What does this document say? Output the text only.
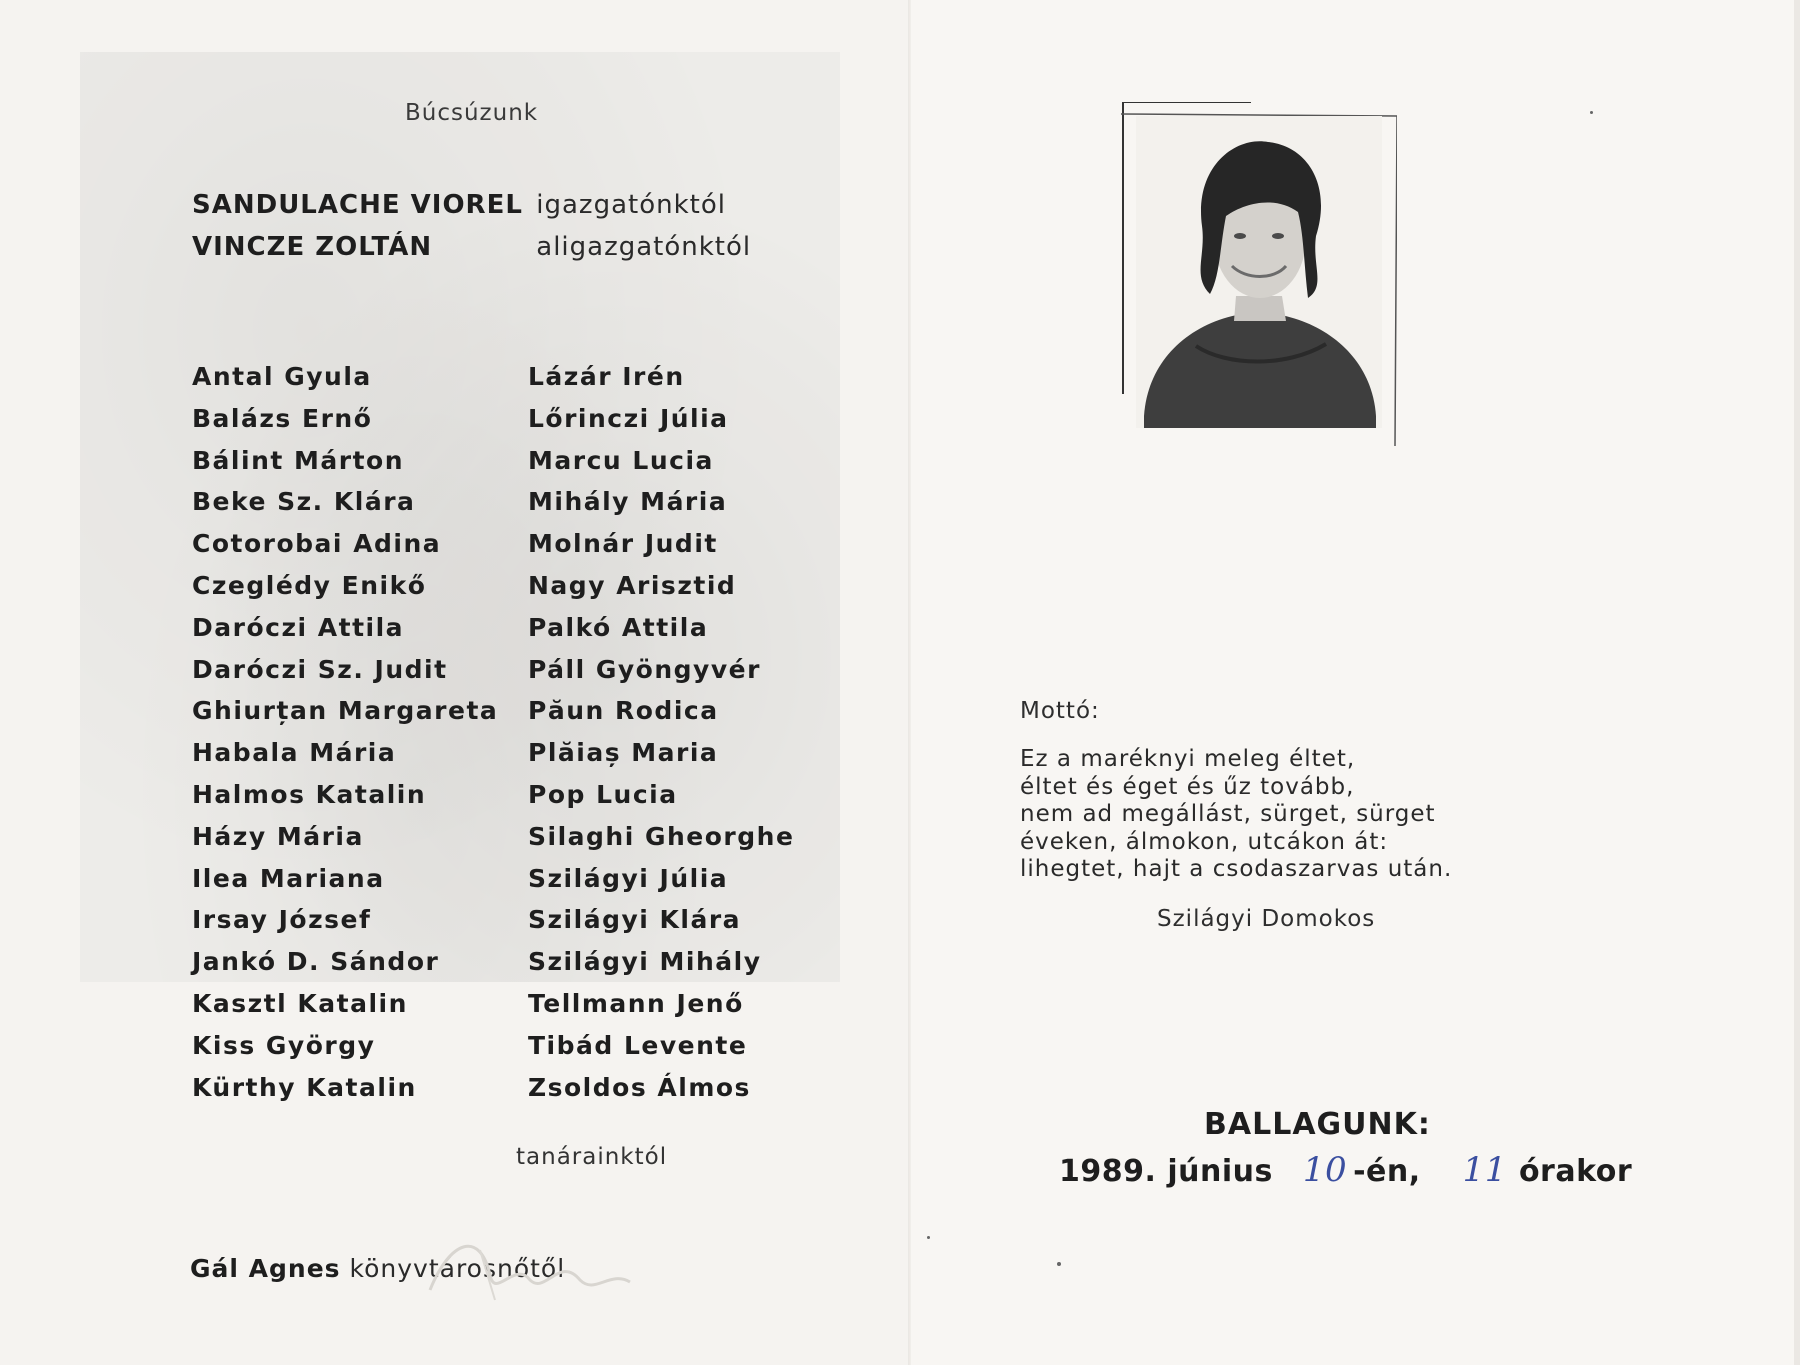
Búcsúzunk
SANDULACHE VIOREL igazgatónktól
VINCZE ZOLTÁN	aligazgatónktól
Antal Gyula
Balázs Ernő
Bálint Márton
Beke Sz. Klára
Cotorobai Adina
Czeglédy Enikő
Daróczi Attila
Daróczi Sz. Judit
Ghiurțan Margareta
Habala Mária
Halmos Katalin
Házy Mária
Ilea Mariana
Irsay József
Jankó D. Sándor
Kasztl Katalin
Kiss György
Kürthy Katalin
Lázár Irén
Lőrinczi Júlia
Marcu Lucia
Mihály Mária
Molnár Judit
Nagy Arisztid
Palkó Attila
Páll Gyöngyvér
Păun Rodica
Plăiaș Maria
Pop Lucia
Silaghi Gheorghe
Szilágyi Júlia
Szilágyi Klára
Szilágyi Mihály
Tellmann Jenő
Tibád Levente
Zsoldos Álmos
tanárainktól
Gál Agnes könyvtárosnőtől
Mottó:
Ez a maréknyi meleg éltet,
éltet és éget és űz tovább,
nem ad megállást, sürget, sürget
éveken, álmokon, utcákon át:
lihegtet, hajt a csodaszarvas után.
Szilágyi Domokos
BALLAGUNK:
1989. június 10 -én, 11 órakor
